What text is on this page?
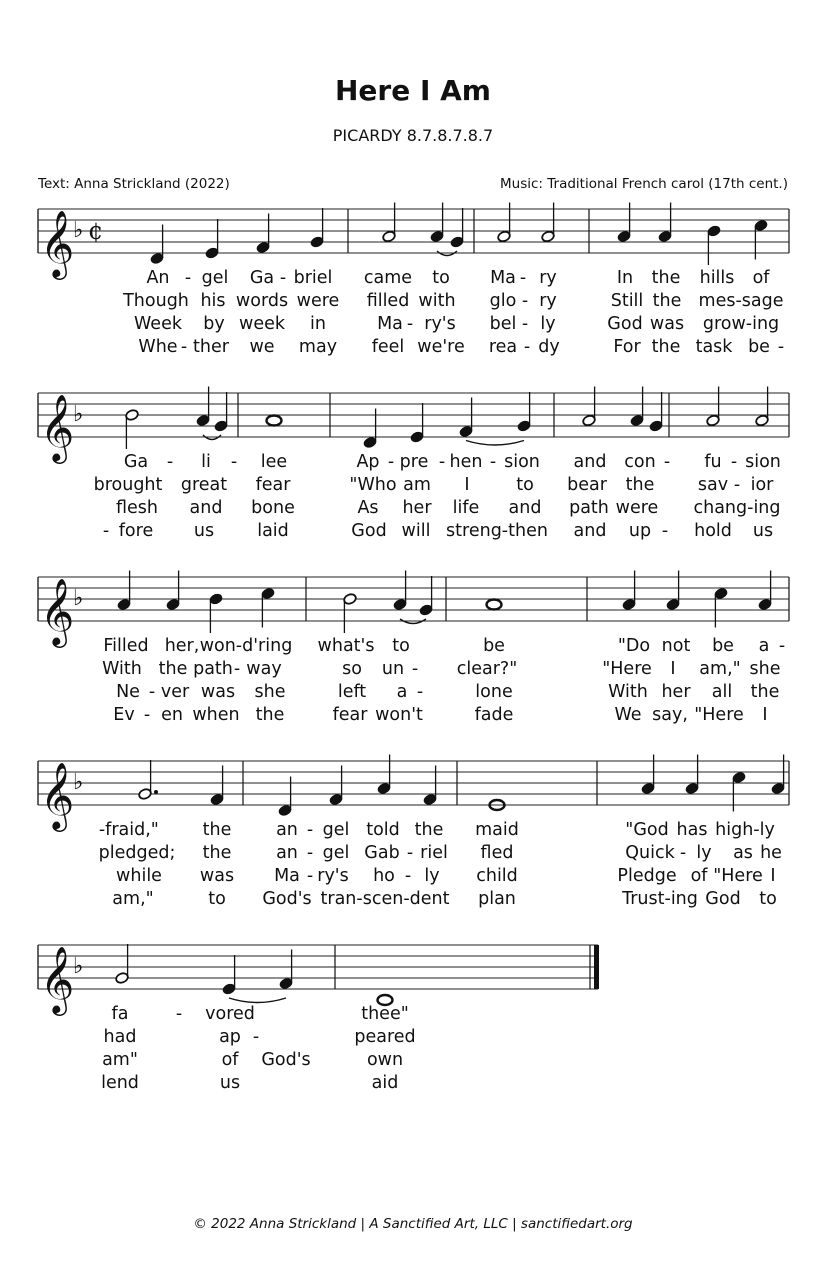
Here I Am
PICARDY 8.7.8.7.8.7
Text: Anna Strickland (2022)	Music: Traditional French carol (17th cent.)
𝄞
♭ ¢
𝄞
♭
𝄞
♭
𝄞
♭
𝄞
♭
An - gel Ga - briel came to Ma - ry	In the hills of
Though his words were filled with glo - ry	Still the mes-sage
Week by week in	Ma - ry's bel - ly	God was grow-ing
Whe - ther we may feel we're rea - dy	For the task be -
Ga - li - lee	Ap - pre - hen - sion and con - fu - sion
brought great fear	"Who am I	to bear the sav - ior
flesh and bone	As her life and path were chang-ing
- fore us laid	God will streng-then and up - hold us
Filled her, won-d'ring what's to	be	"Do not be a -
With the path - way	so un - clear?"	"Here I am," she
Ne - ver was she	left a -	lone	With her all the
Ev - en when the	fear won't	fade	We say, "Here I
- fraid,"	the	an - gel told the maid	"God has high-ly
pledged; the	an - gel Gab - riel fled	Quick - ly as he
while was Ma - ry's ho - ly child	Pledge of "Here I
am,"	to God's tran-scen-dent plan	Trust-ing God to
fa	- vored	thee"
had	ap -	peared
am"	of God's	own
lend	us	aid
© 2022 Anna Strickland | A Sanctified Art, LLC | sanctifiedart.org
